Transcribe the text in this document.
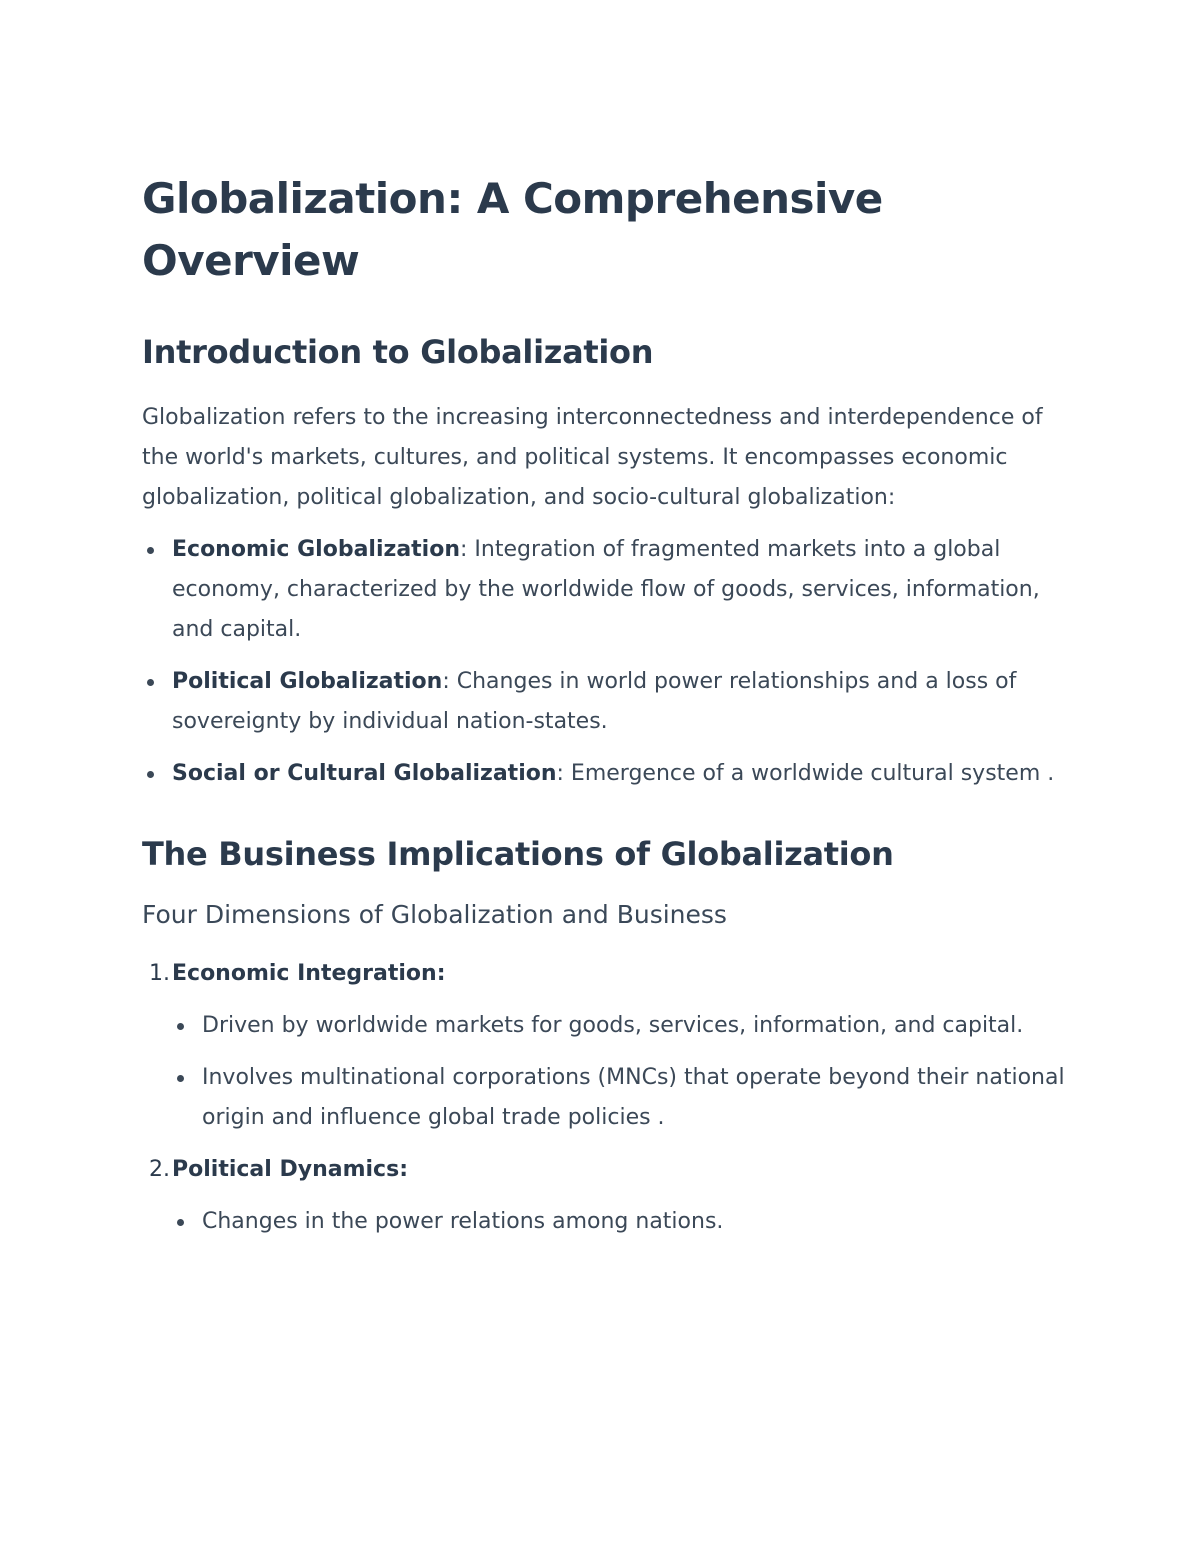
Globalization: A Comprehensive Overview
Introduction to Globalization

Globalization refers to the increasing interconnectedness and interdependence of the world's markets, cultures, and political systems. It encompasses economic globalization, political globalization, and socio-cultural globalization:

Economic Globalization: Integration of fragmented markets into a global economy, characterized by the worldwide flow of goods, services, information, and capital.
Political Globalization: Changes in world power relationships and a loss of sovereignty by individual nation-states.
Social or Cultural Globalization: Emergence of a worldwide cultural system .
The Business Implications of Globalization
Four Dimensions of Globalization and Business
1. Economic Integration:
Driven by worldwide markets for goods, services, information, and capital.
Involves multinational corporations (MNCs) that operate beyond their national origin and influence global trade policies .
2. Political Dynamics:
Changes in the power relations among nations.
